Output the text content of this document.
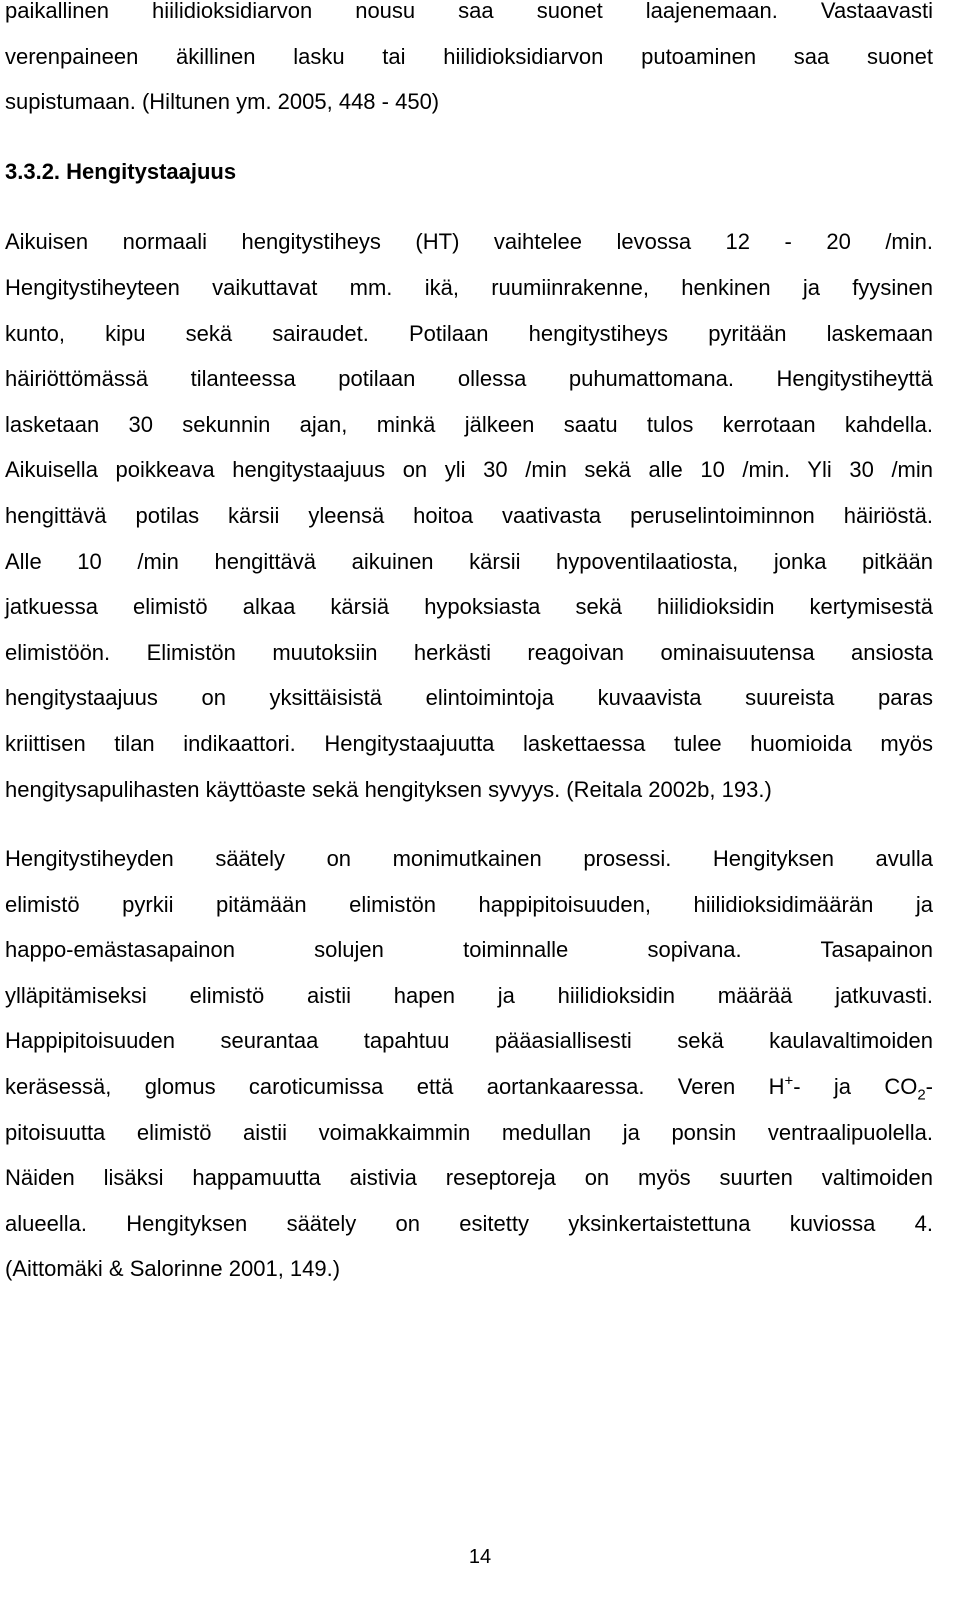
paikallinen hiilidioksidiarvon nousu saa suonet laajenemaan. Vastaavasti
verenpaineen äkillinen lasku tai hiilidioksidiarvon putoaminen saa suonet
supistumaan. (Hiltunen ym. 2005, 448 - 450)
3.3.2. Hengitystaajuus
Aikuisen normaali hengitystiheys (HT) vaihtelee levossa 12 - 20 /min.
Hengitystiheyteen vaikuttavat mm. ikä, ruumiinrakenne, henkinen ja fyysinen
kunto, kipu sekä sairaudet. Potilaan hengitystiheys pyritään laskemaan
häiriöttömässä tilanteessa potilaan ollessa puhumattomana. Hengitystiheyttä
lasketaan 30 sekunnin ajan, minkä jälkeen saatu tulos kerrotaan kahdella.
Aikuisella poikkeava hengitystaajuus on yli 30 /min sekä alle 10 /min. Yli 30 /min
hengittävä potilas kärsii yleensä hoitoa vaativasta peruselintoiminnon häiriöstä.
Alle 10 /min hengittävä aikuinen kärsii hypoventilaatiosta, jonka pitkään
jatkuessa elimistö alkaa kärsiä hypoksiasta sekä hiilidioksidin kertymisestä
elimistöön. Elimistön muutoksiin herkästi reagoivan ominaisuutensa ansiosta
hengitystaajuus on yksittäisistä elintoimintoja kuvaavista suureista paras
kriittisen tilan indikaattori. Hengitystaajuutta laskettaessa tulee huomioida myös
hengitysapulihasten käyttöaste sekä hengityksen syvyys. (Reitala 2002b, 193.)
Hengitystiheyden säätely on monimutkainen prosessi. Hengityksen avulla
elimistö pyrkii pitämään elimistön happipitoisuuden, hiilidioksidimäärän ja
happo-emästasapainon solujen toiminnalle sopivana. Tasapainon
ylläpitämiseksi elimistö aistii hapen ja hiilidioksidin määrää jatkuvasti.
Happipitoisuuden seurantaa tapahtuu pääasiallisesti sekä kaulavaltimoiden
keräsessä, glomus caroticumissa että aortankaaressa. Veren H+- ja $CO_2-$
pitoisuutta elimistö aistii voimakkaimmin medullan ja ponsin ventraalipuolella.
Näiden lisäksi happamuutta aistivia reseptoreja on myös suurten valtimoiden
alueella. Hengityksen säätely on esitetty yksinkertaistettuna kuviossa 4.
(Aittomäki & Salorinne 2001, 149.)
14
